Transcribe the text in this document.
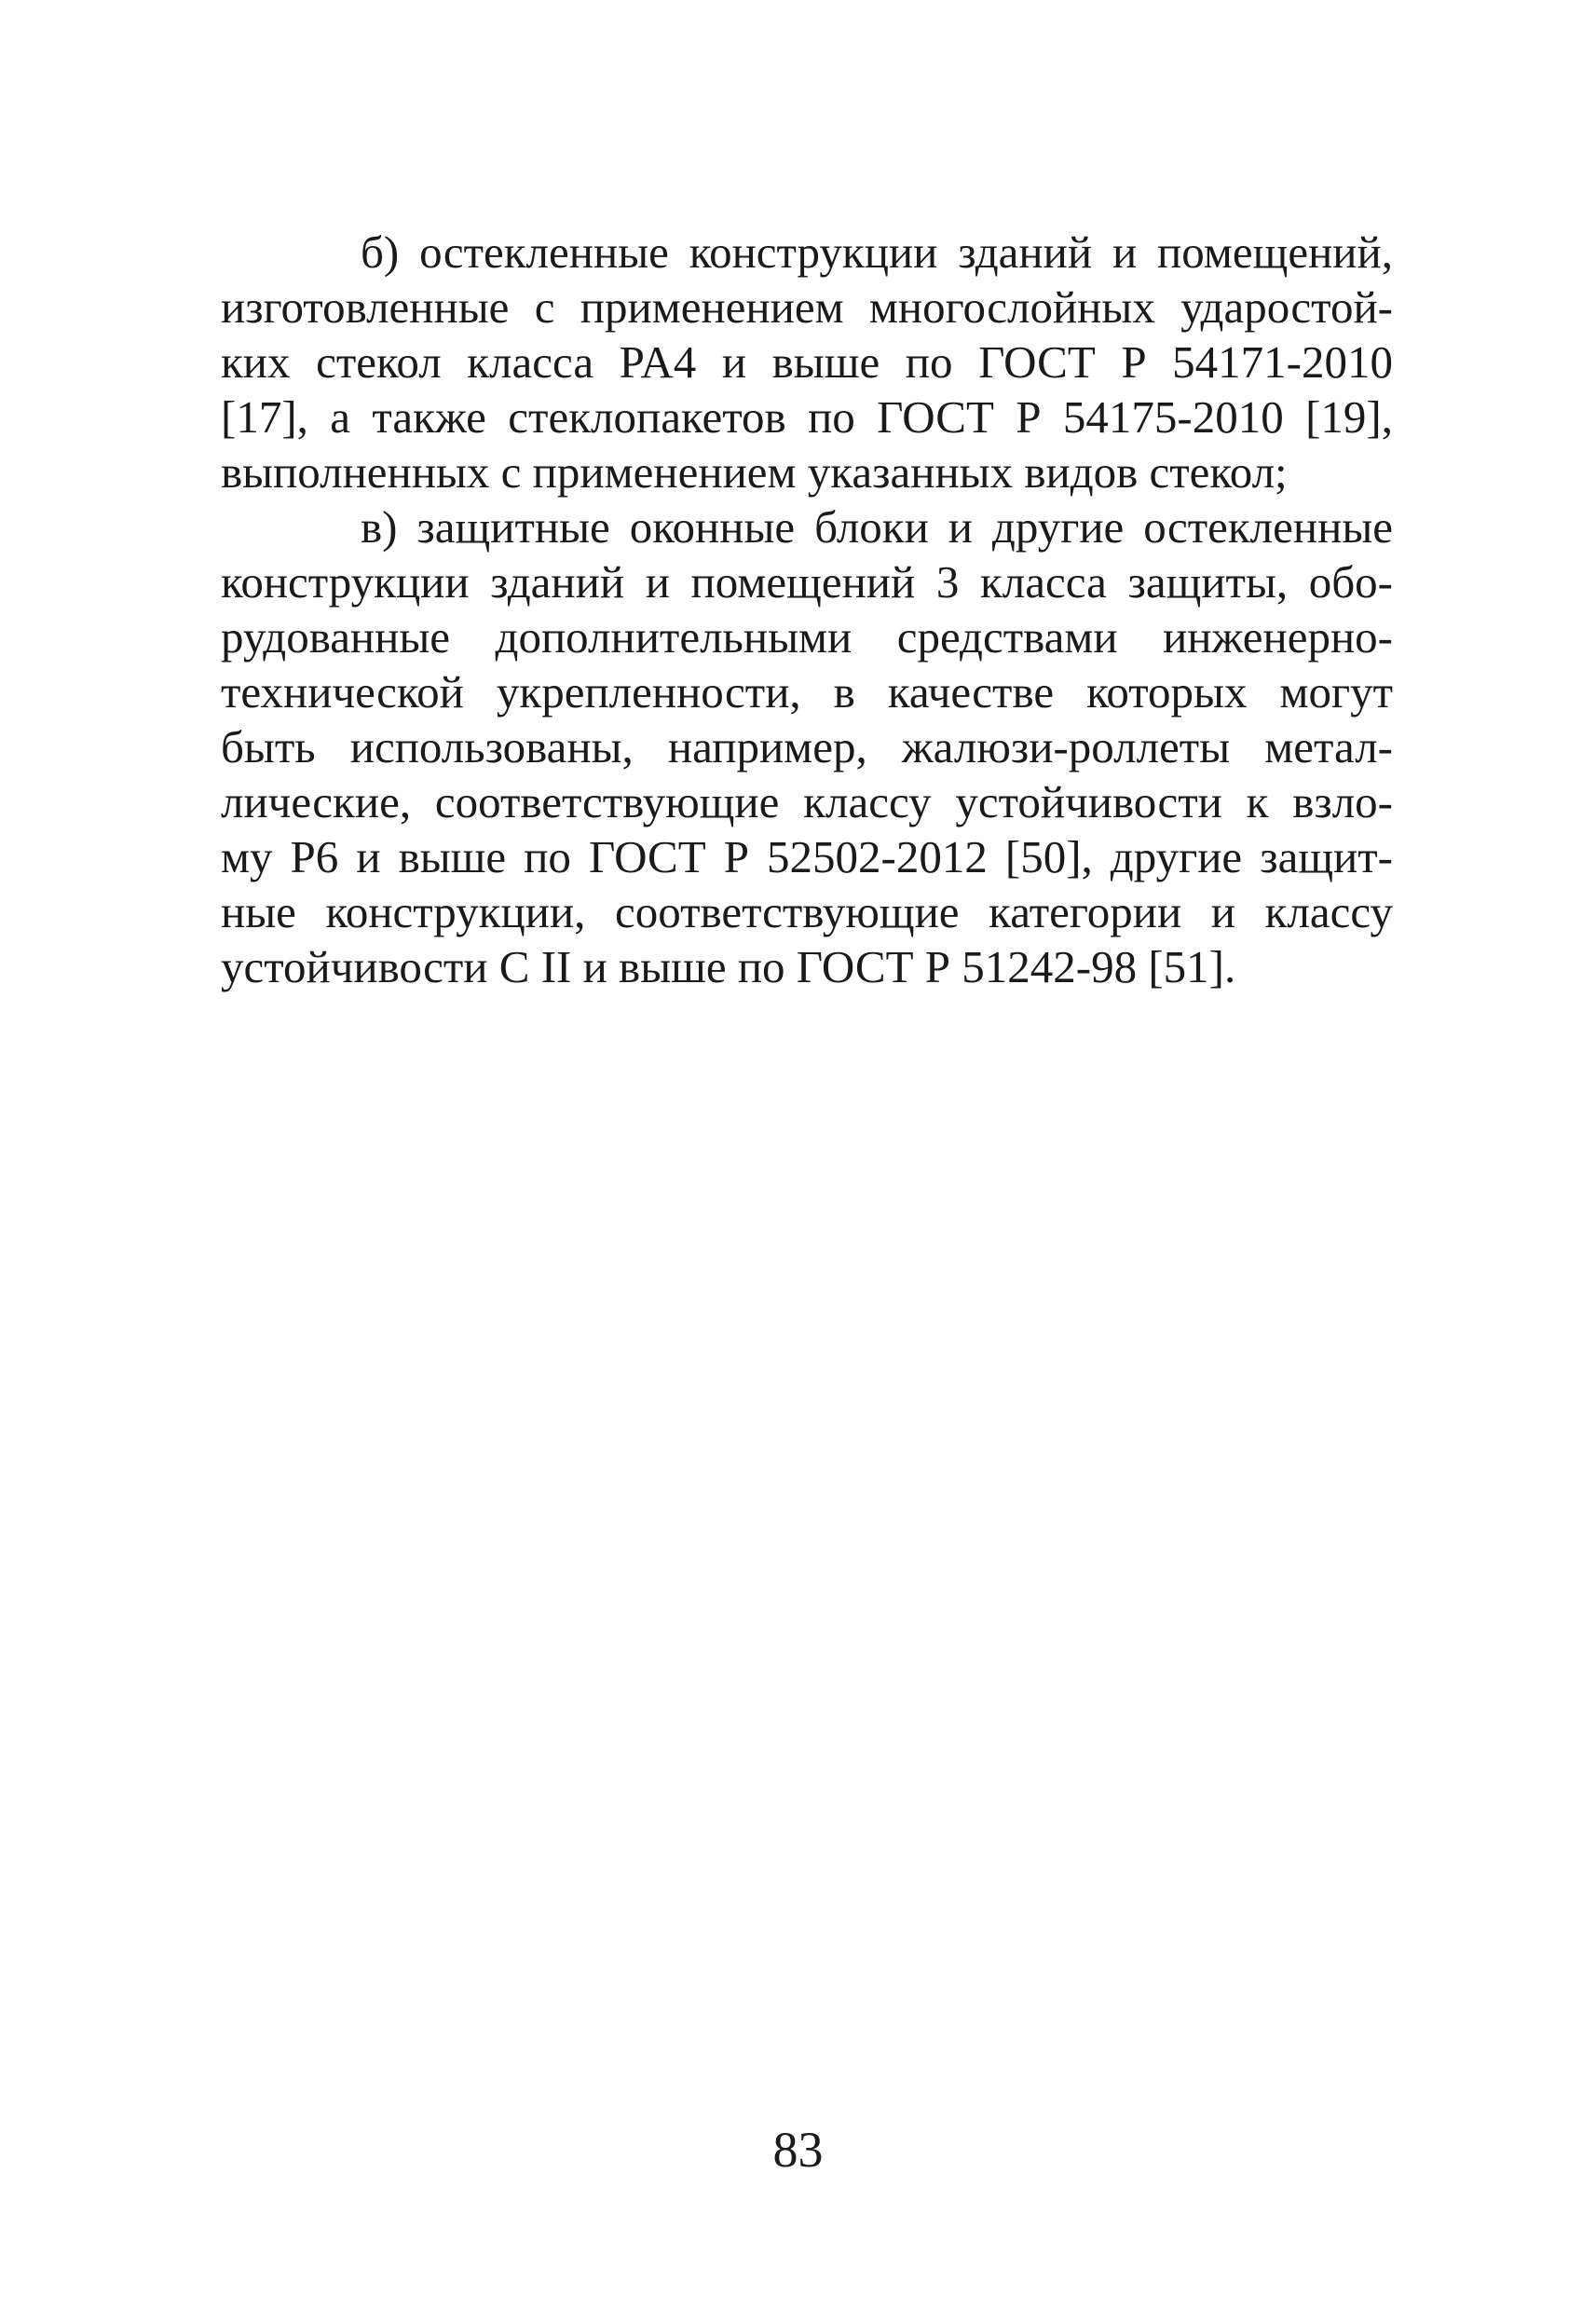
б) остекленные конструкции зданий и помещений,
изготовленные с применением многослойных ударостой-
ких стекол класса PA4 и выше по ГОСТ Р 54171-2010
[17], а также стеклопакетов по ГОСТ Р 54175-2010 [19],
выполненных с применением указанных видов стекол;
в) защитные оконные блоки и другие остекленные
конструкции зданий и помещений 3 класса защиты, обо-
рудованные дополнительными средствами инженерно-
технической укрепленности, в качестве которых могут
быть использованы, например, жалюзи-роллеты метал-
лические, соответствующие классу устойчивости к взло-
му Р6 и выше по ГОСТ Р 52502-2012 [50], другие защит-
ные конструкции, соответствующие категории и классу
устойчивости С II и выше по ГОСТ Р 51242-98 [51].
83
